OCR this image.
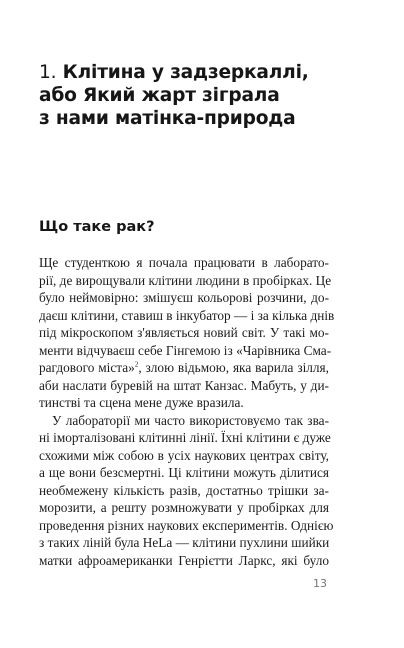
1. Клітина у задзеркаллі,
або Який жарт зіграла
з нами матінка-природа
Що таке рак?
Ще студенткою я почала працювати в лаборато-
рії, де вирощували клітини людини в пробірках. Це
було неймовірно: змішуєш кольорові розчини, до-
даєш клітини, ставиш в інкубатор — і за кілька днів
під мікроскопом з'являється новий світ. У такі мо-
менти відчуваєш себе Гінгемою із «Чарівника Сма-
рагдового міста»$^2$, злою відьмою, яка варила зілля,
аби наслати буревій на штат Канзас. Мабуть, у ди-
тинстві та сцена мене дуже вразила.
У лабораторії ми часто використовуємо так зва-
ні іморталізовані клітинні лінії. Їхні клітини є дуже
схожими між собою в усіх наукових центрах світу,
а ще вони безсмертні. Ці клітини можуть ділитися
необмежену кількість разів, достатньо трішки за-
морозити, а решту розмножувати у пробірках для
проведення різних наукових експериментів. Однією
з таких ліній була HeLa — клітини пухлини шийки
матки афроамериканки Генрієтти Ларкс, які було
13
